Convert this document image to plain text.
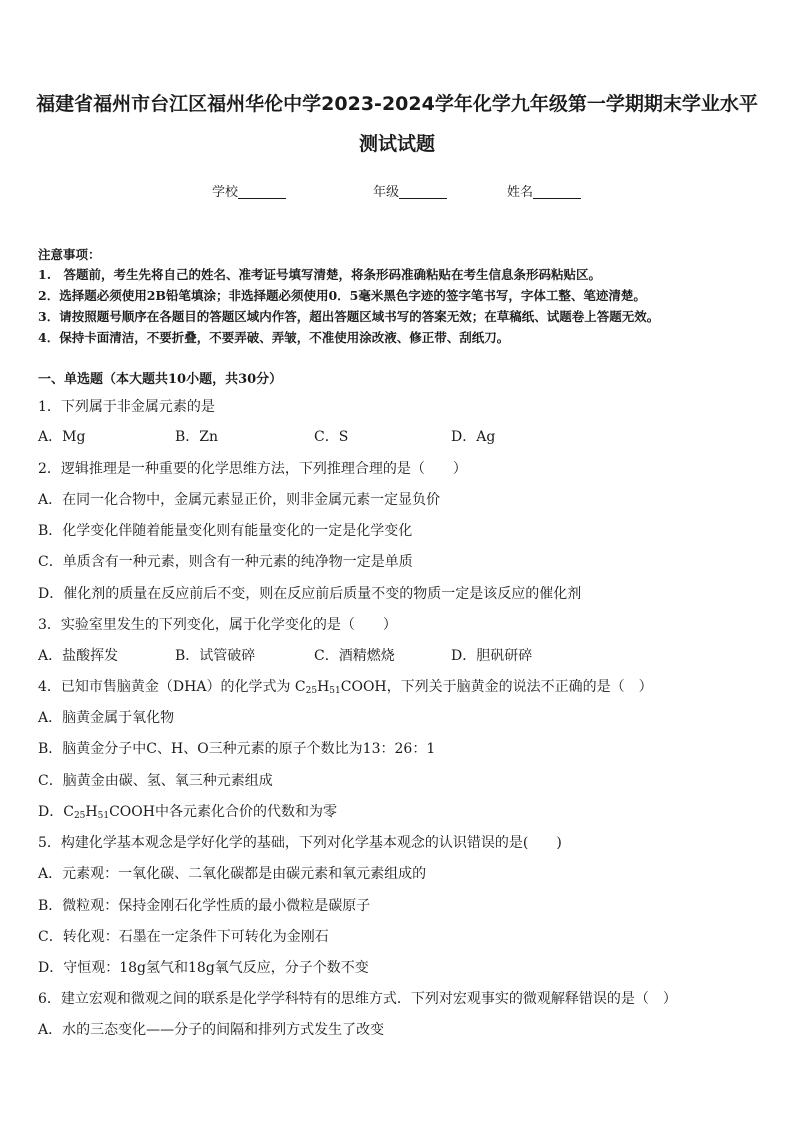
福建省福州市台江区福州华伦中学2023-2024学年化学九年级第一学期期末学业水平
测试试题
学校	年级	姓名
注意事项：
1.　答题前，考生先将自己的姓名、准考证号填写清楚，将条形码准确粘贴在考生信息条形码粘贴区。
2．选择题必须使用2B铅笔填涂；非选择题必须使用0．5毫米黑色字迹的签字笔书写，字体工整、笔迹清楚。
3．请按照题号顺序在各题目的答题区域内作答，超出答题区域书写的答案无效；在草稿纸、试题卷上答题无效。
4．保持卡面清洁，不要折叠，不要弄破、弄皱，不准使用涂改液、修正带、刮纸刀。
一、单选题（本大题共10小题，共30分）
1．下列属于非金属元素的是
A．Mg	B．Zn	C．S	D．Ag
2．逻辑推理是一种重要的化学思维方法，下列推理合理的是（　　）
A．在同一化合物中，金属元素显正价，则非金属元素一定显负价
B．化学变化伴随着能量变化则有能量变化的一定是化学变化
C．单质含有一种元素，则含有一种元素的纯净物一定是单质
D．催化剂的质量在反应前后不变，则在反应前后质量不变的物质一定是该反应的催化剂
3．实验室里发生的下列变化，属于化学变化的是（　　）
A．盐酸挥发	B．试管破碎	C．酒精燃烧	D．胆矾研碎
4．已知市售脑黄金（DHA）的化学式为 $C_{25}H_{51}COOH$，下列关于脑黄金的说法不正确的是（　）
A．脑黄金属于氧化物
B．脑黄金分子中C、H、O三种元素的原子个数比为13：26：1
C．脑黄金由碳、氢、氧三种元素组成
D．$C_{25}H_{51}COOH$中各元素化合价的代数和为零
5．构建化学基本观念是学好化学的基础，下列对化学基本观念的认识错误的是(　　)
A．元素观：一氧化碳、二氧化碳都是由碳元素和氧元素组成的
B．微粒观：保持金刚石化学性质的最小微粒是碳原子
C．转化观：石墨在一定条件下可转化为金刚石
D．守恒观：18g氢气和18g氧气反应，分子个数不变
6．建立宏观和微观之间的联系是化学学科特有的思维方式．下列对宏观事实的微观解释错误的是（　）
A．水的三态变化——分子的间隔和排列方式发生了改变
